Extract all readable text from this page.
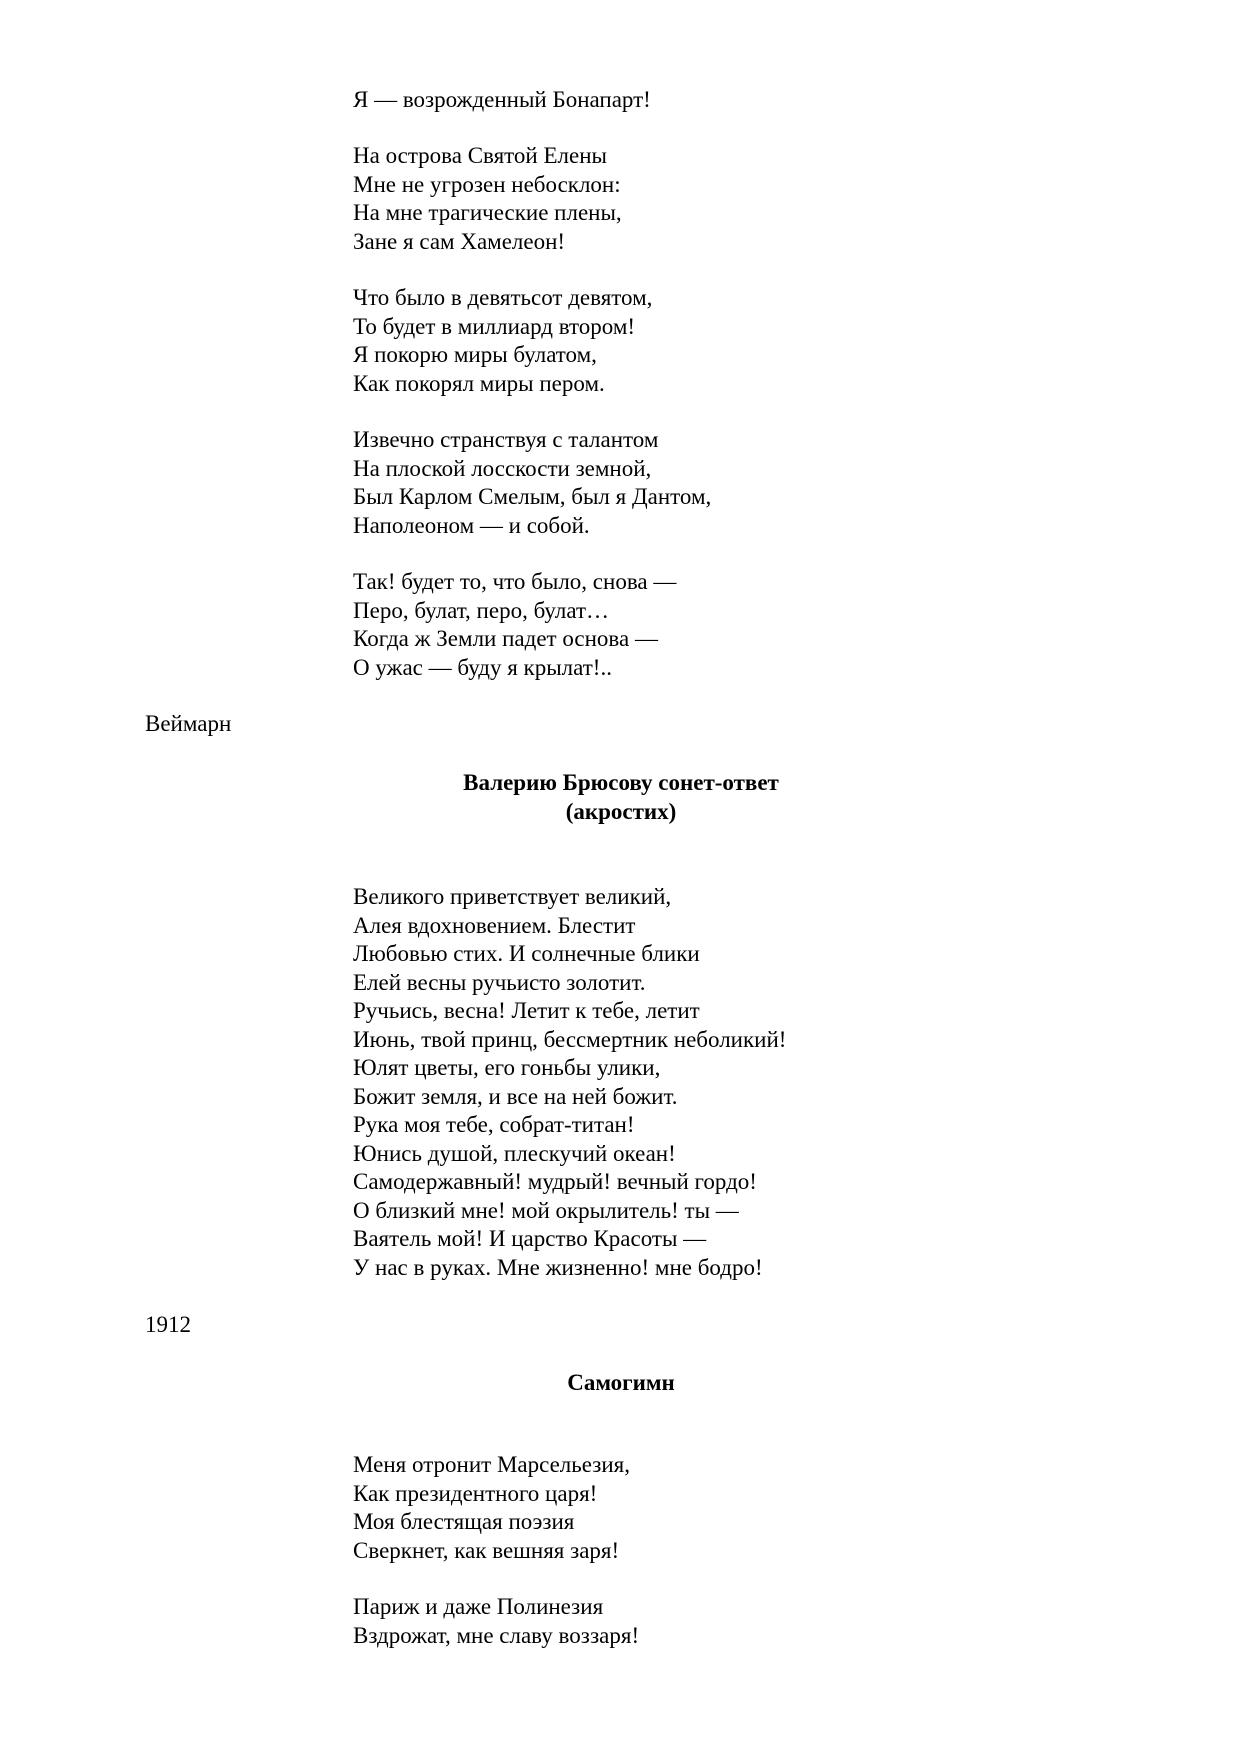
Я — возрожденный Бонапарт!
На острова Святой Елены
Мне не угрозен небосклон:
На мне трагические плены,
Зане я сам Хамелеон!
Что было в девятьсот девятом,
То будет в миллиард втором!
Я покорю миры булатом,
Как покорял миры пером.
Извечно странствуя с талантом
На плоской лосскости земной,
Был Карлом Смелым, был я Дантом,
Наполеоном — и собой.
Так! будет то, что было, снова —
Перо, булат, перо, булат…
Когда ж Земли падет основа —
О ужас — буду я крылат!..
Веймарн
Валерию Брюсову сонет-ответ
(акростих)
Великого приветствует великий,
Алея вдохновением. Блестит
Любовью стих. И солнечные блики
Елей весны ручьисто золотит.
Ручьись, весна! Летит к тебе, летит
Июнь, твой принц, бессмертник неболикий!
Юлят цветы, его гоньбы улики,
Божит земля, и все на ней божит.
Рука моя тебе, собрат-титан!
Юнись душой, плескучий океан!
Самодержавный! мудрый! вечный гордо!
О близкий мне! мой окрылитель! ты —
Ваятель мой! И царство Красоты —
У нас в руках. Мне жизненно! мне бодро!
1912
Самогимн
Меня отронит Марсельезия,
Как президентного царя!
Моя блестящая поэзия
Сверкнет, как вешняя заря!
Париж и даже Полинезия
Вздрожат, мне славу воззаря!
